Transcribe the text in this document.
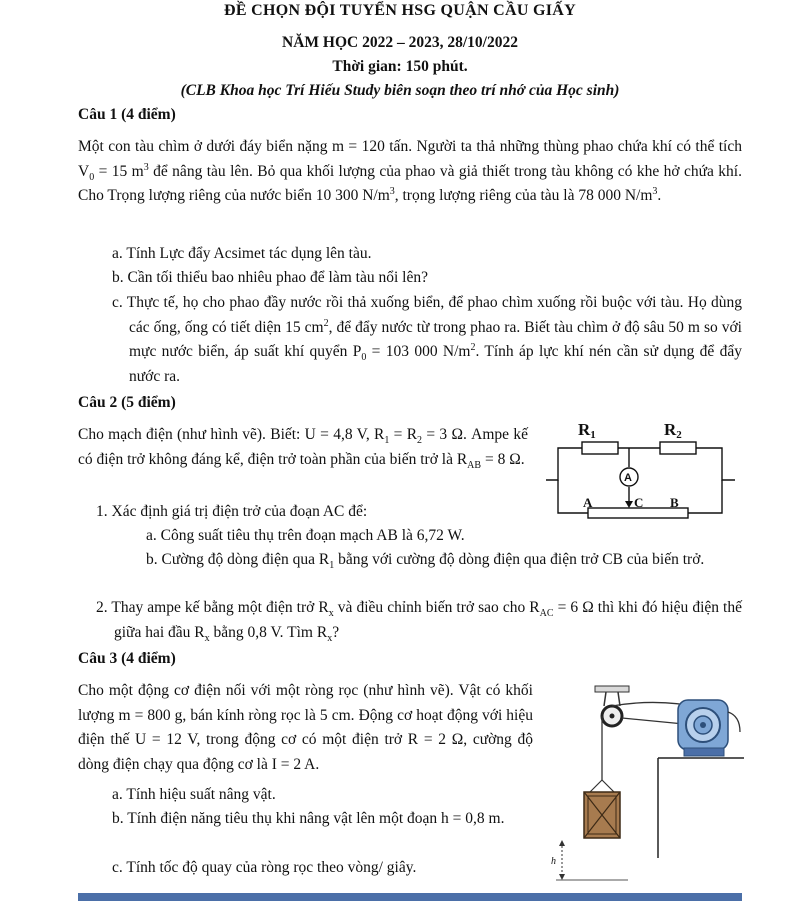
ĐỀ CHỌN ĐỘI TUYỂN HSG QUẬN CẦU GIẤY
NĂM HỌC 2022 – 2023, 28/10/2022
Thời gian: 150 phút.
(CLB Khoa học Trí Hiếu Study biên soạn theo trí nhớ của Học sinh)
Câu 1 (4 điểm)

Một con tàu chìm ở dưới đáy biển nặng m = 120 tấn. Người ta thả những thùng phao chứa khí có thể tích $V_0 = 15$ $m^3$ để nâng tàu lên. Bỏ qua khối lượng của phao và giả thiết trong tàu không có khe hở chứa khí. Cho Trọng lượng riêng của nước biển 10 300 $N/m^3$, trọng lượng riêng của tàu là 78 000 $N/m^3$.

a. Tính Lực đẩy Acsimet tác dụng lên tàu.

b. Cần tối thiểu bao nhiêu phao để làm tàu nổi lên?

c. Thực tế, họ cho phao đầy nước rồi thả xuống biển, để phao chìm xuống rồi buộc với tàu. Họ dùng các ống, ống có tiết diện 15 $cm^2$, để đẩy nước từ trong phao ra. Biết tàu chìm ở độ sâu 50 m so với mực nước biển, áp suất khí quyển $P_0 = 103$ 000 $N/m^2$. Tính áp lực khí nén cần sử dụng để đẩy nước ra.

Câu 2 (5 điểm)

Cho mạch điện (như hình vẽ). Biết: U = 4,8 V, $R_1 = R_2 = 3$ Ω. Ampe kế có điện trở không đáng kể, điện trở toàn phần của biến trở là $R_{AB} = 8$ Ω.

R1	R2
A
A	C B

1. Xác định giá trị điện trở của đoạn AC để:

a. Công suất tiêu thụ trên đoạn mạch AB là 6,72 W.

b. Cường độ dòng điện qua $R_1$ bằng với cường độ dòng điện qua điện trở CB của biến trở.

2. Thay ampe kế bằng một điện trở $R_x$ và điều chỉnh biến trở sao cho $R_{AC} = 6$ Ω thì khi đó hiệu điện thế giữa hai đầu $R_x$ bằng 0,8 V. Tìm $R_x$?

Câu 3 (4 điểm)

Cho một động cơ điện nối với một ròng rọc (như hình vẽ). Vật có khối lượng m = 800 g, bán kính ròng rọc là 5 cm. Động cơ hoạt động với hiệu điện thế U = 12 V, trong động cơ có một điện trở R = 2 Ω, cường độ dòng điện chạy qua động cơ là I = 2 A.

a. Tính hiệu suất nâng vật.

b. Tính điện năng tiêu thụ khi nâng vật lên một đoạn h = 0,8 m.

c. Tính tốc độ quay của ròng rọc theo vòng/ giây.	h
